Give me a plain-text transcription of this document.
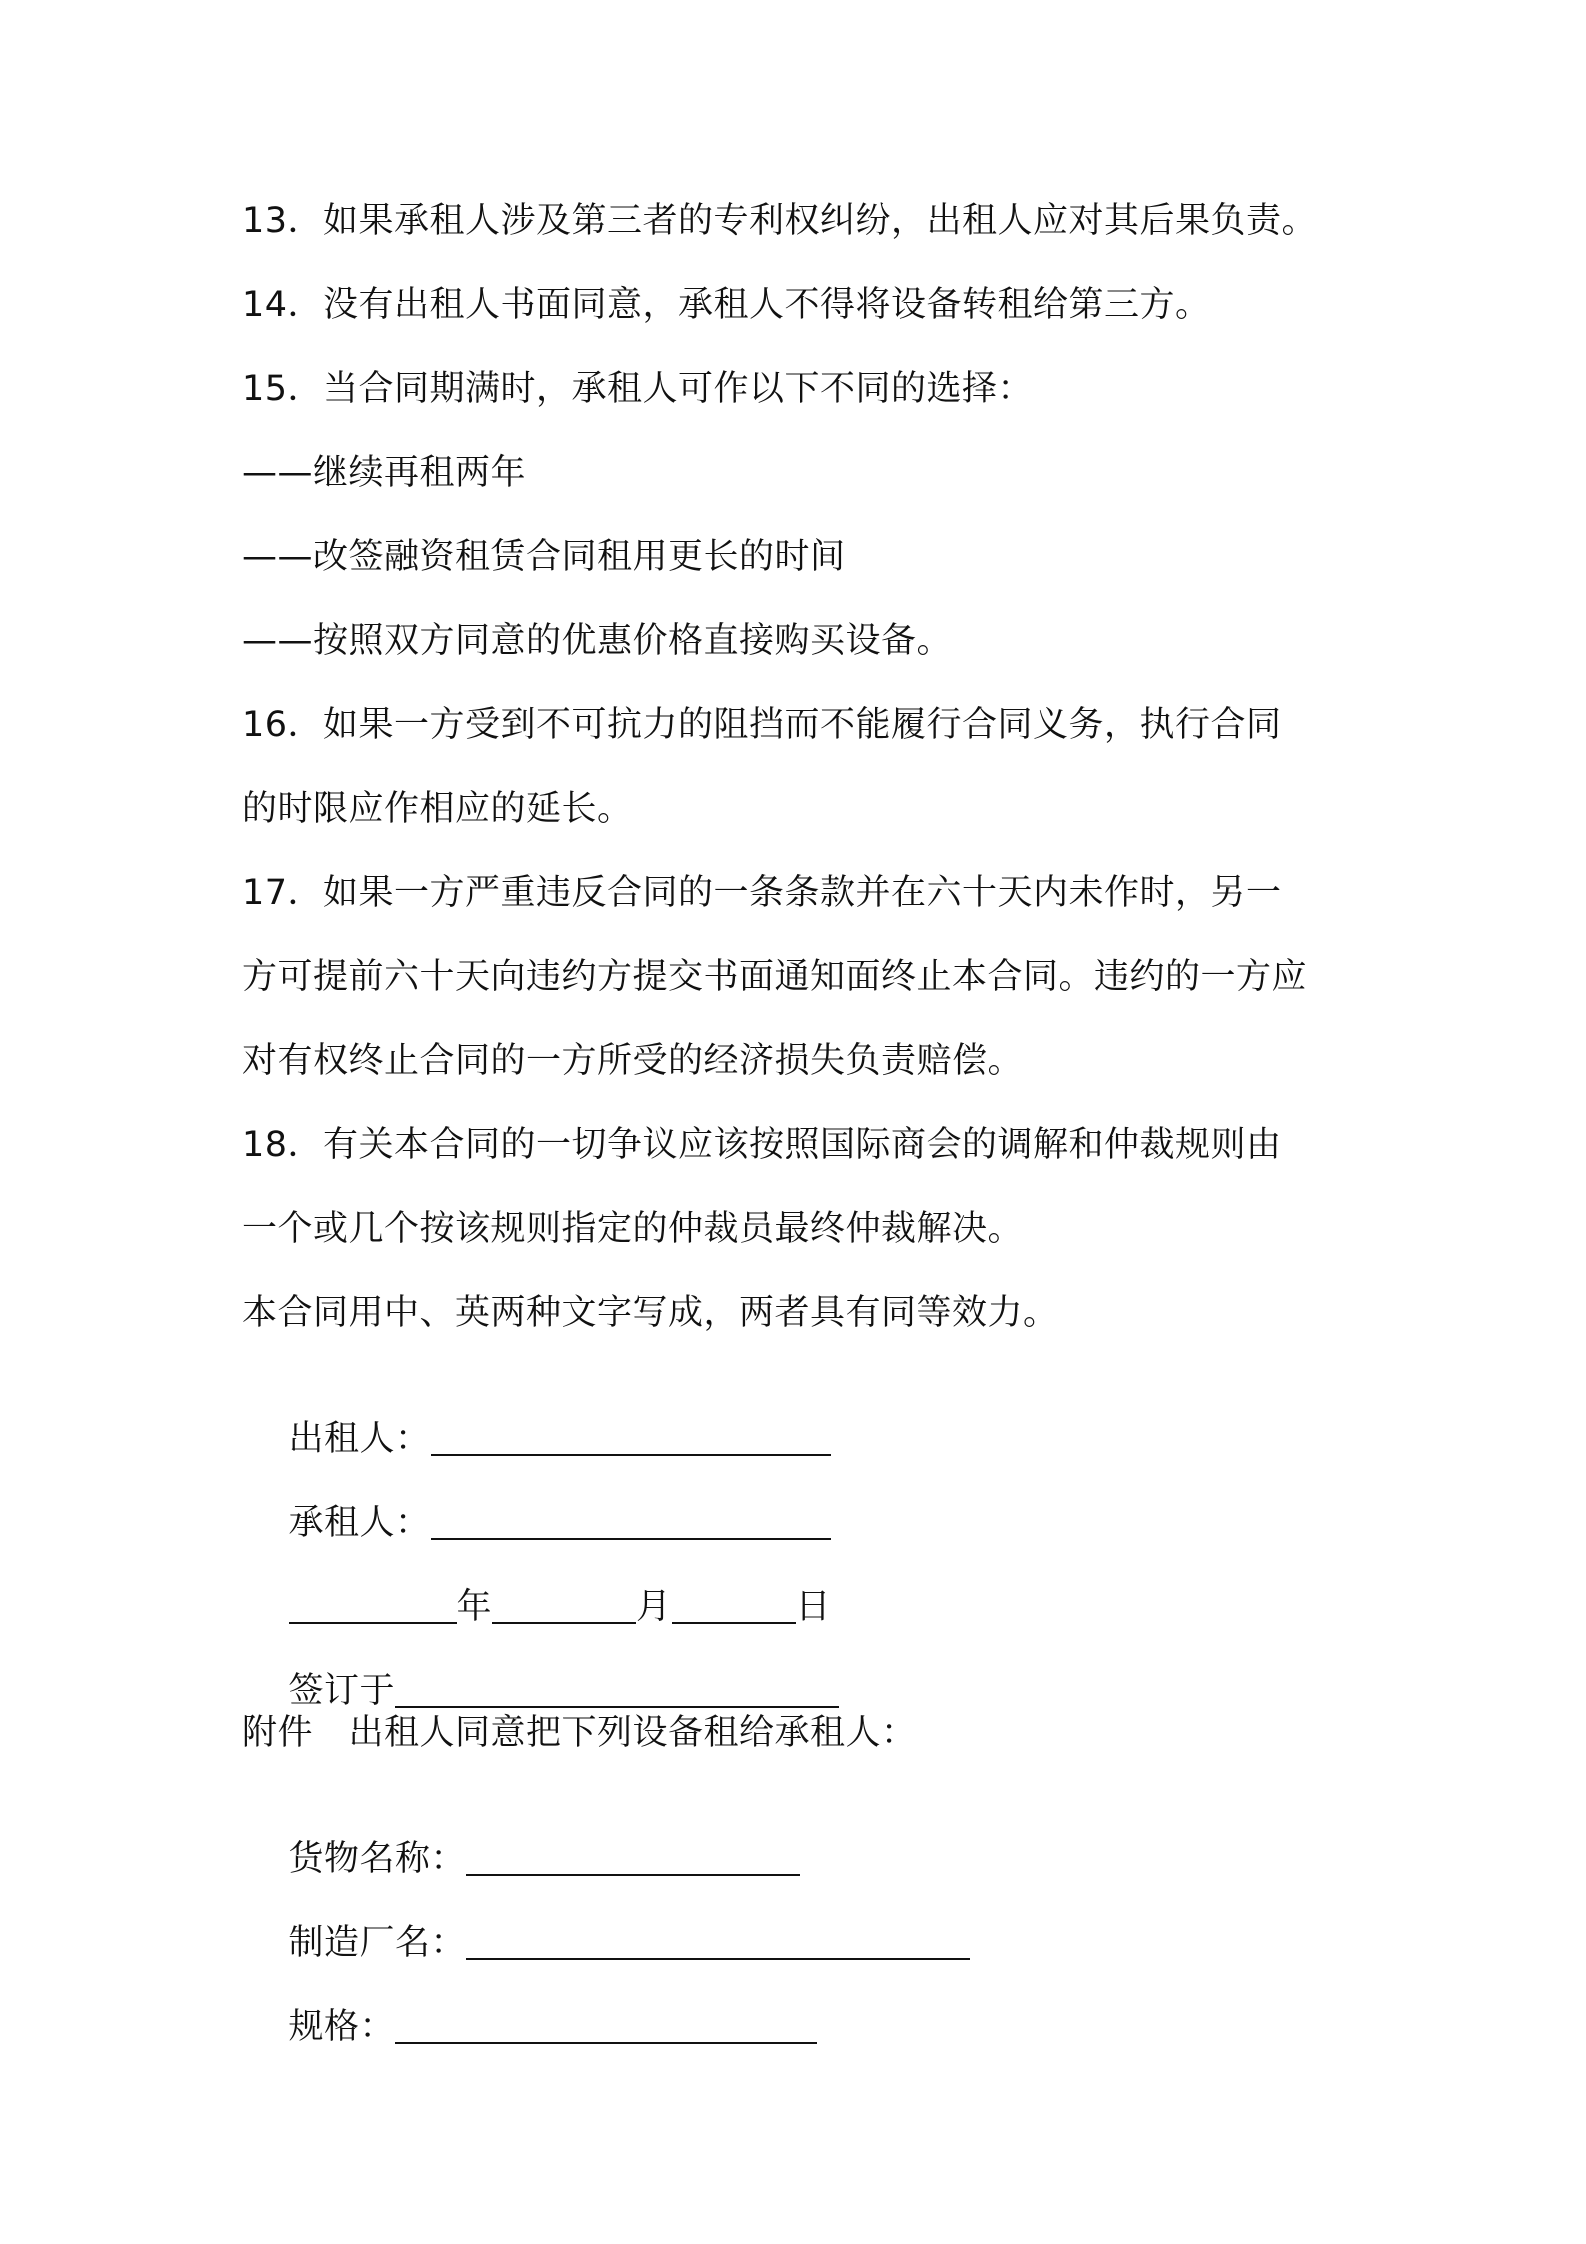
13．如果承租人涉及第三者的专利权纠纷，出租人应对其后果负责。
14．没有出租人书面同意，承租人不得将设备转租给第三方。
15．当合同期满时，承租人可作以下不同的选择：
——继续再租两年
——改签融资租赁合同租用更长的时间
——按照双方同意的优惠价格直接购买设备。
16．如果一方受到不可抗力的阻挡而不能履行合同义务，执行合同
的时限应作相应的延长。
17．如果一方严重违反合同的一条条款并在六十天内未作时，另一
方可提前六十天向违约方提交书面通知面终止本合同。违约的一方应
对有权终止合同的一方所受的经济损失负责赔偿。
18．有关本合同的一切争议应该按照国际商会的调解和仲裁规则由
一个或几个按该规则指定的仲裁员最终仲裁解决。
本合同用中、英两种文字写成，两者具有同等效力。

出租人：

承租人：

年	月	日

签订于

附件　出租人同意把下列设备租给承租人：

货物名称：

制造厂名：

规格：
